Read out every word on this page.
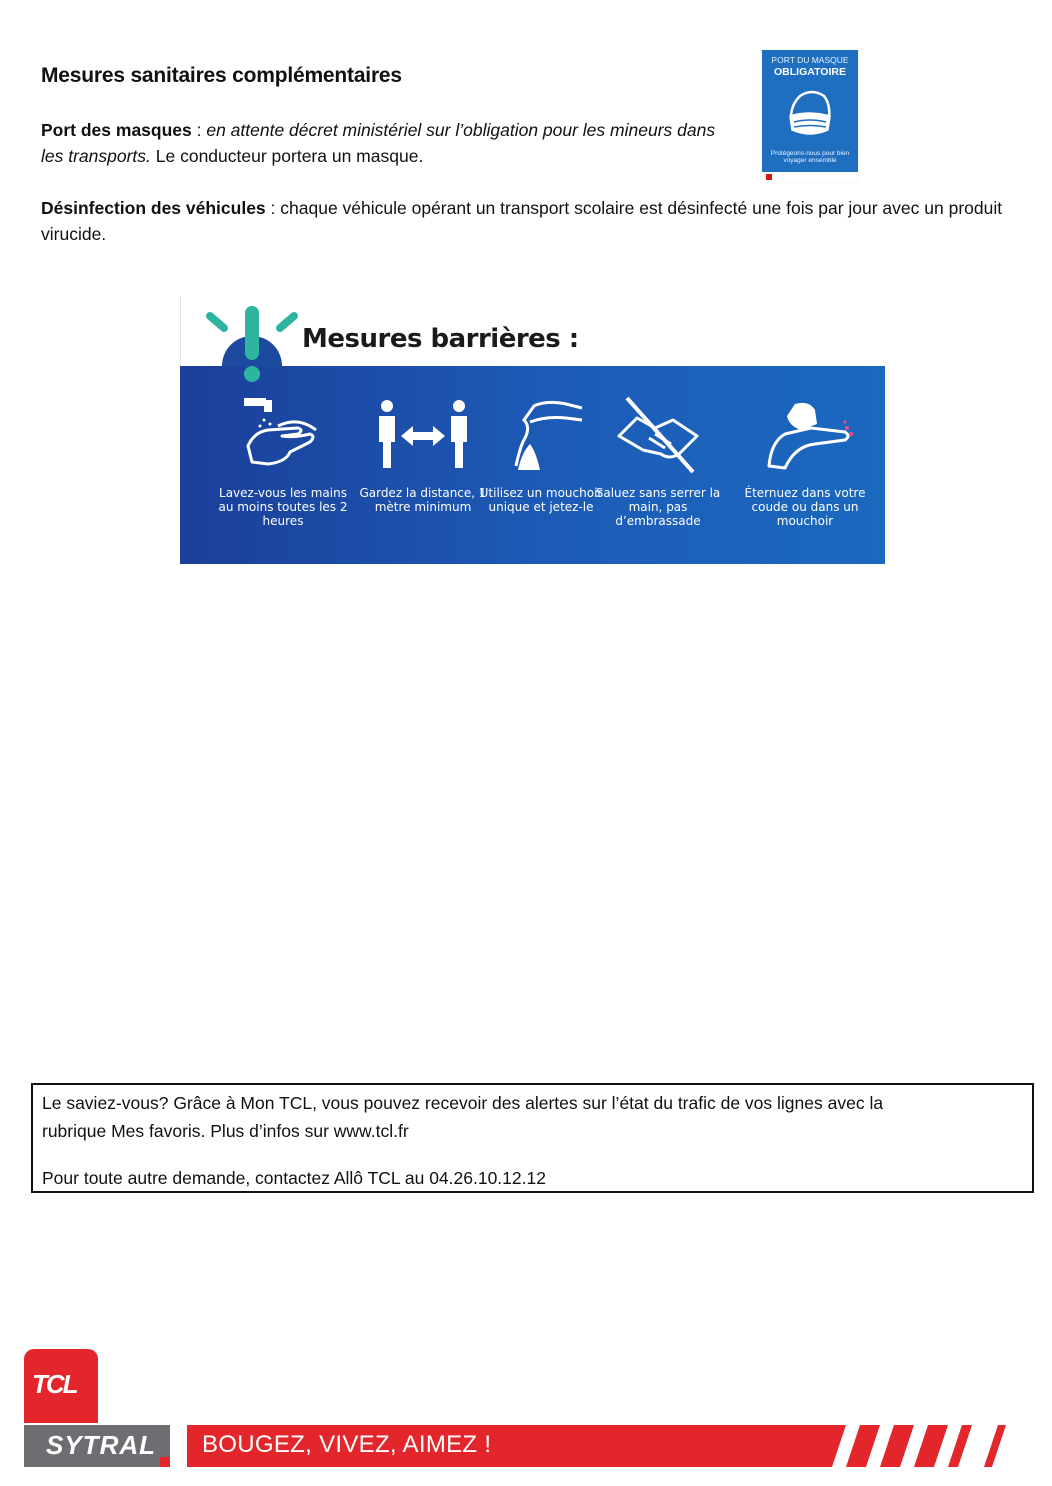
Mesures sanitaires complémentaires
Port des masques : en attente décret ministériel sur l’obligation pour les mineurs dans les transports. Le conducteur portera un masque.
Désinfection des véhicules : chaque véhicule opérant un transport scolaire est désinfecté une fois par jour avec un produit virucide.
PORT DU MASQUE
OBLIGATOIRE
Protégeons-nous pour bien voyager ensemble
Mesures barrières :
Lavez-vous les mains au moins toutes les 2 heures
Gardez la distance, 1 mètre minimum
Utilisez un mouchoir unique et jetez-le
Saluez sans serrer la main, pas d’embrassade
Éternuez dans votre coude ou dans un mouchoir
Le saviez-vous? Grâce à Mon TCL, vous pouvez recevoir des alertes sur l’état du trafic de vos lignes avec la
rubrique Mes favoris. Plus d’infos sur www.tcl.fr
Pour toute autre demande, contactez Allô TCL au 04.26.10.12.12
TCL
SYTRAL BOUGEZ, VIVEZ, AIMEZ !
